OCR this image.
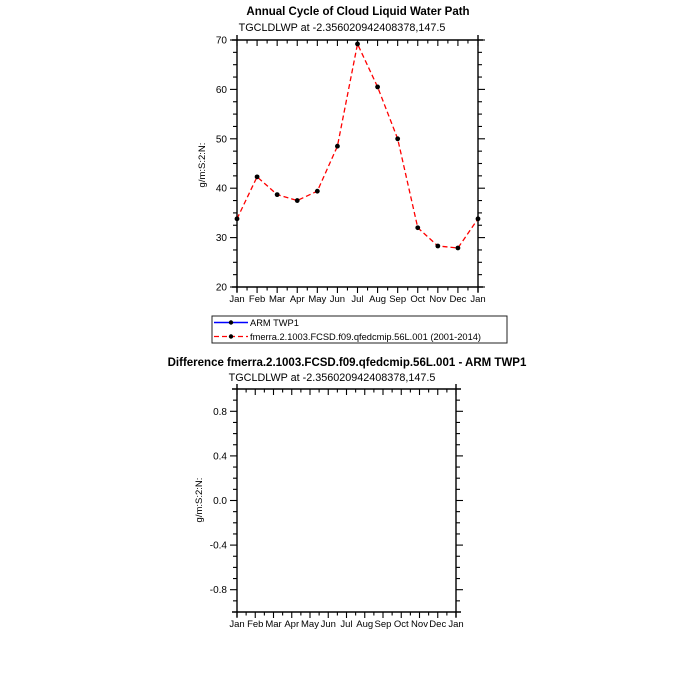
Annual Cycle of Cloud Liquid Water Path
TGCLDLWP at -2.356020942408378,147.5
g/m:S:2:N:
Jan Feb Mar Apr May Jun Jul Aug Sep Oct Nov Dec Jan
20
30
40
50
60
70
ARM TWP1
fmerra.2.1003.FCSD.f09.qfedcmip.56L.001 (2001-2014)
Difference fmerra.2.1003.FCSD.f09.qfedcmip.56L.001 - ARM TWP1
TGCLDLWP at -2.356020942408378,147.5
g/m:S:2:N:
Jan Feb Mar Apr May Jun Jul Aug Sep Oct Nov Dec Jan
-0.8
-0.4
0.0
0.4
0.8
